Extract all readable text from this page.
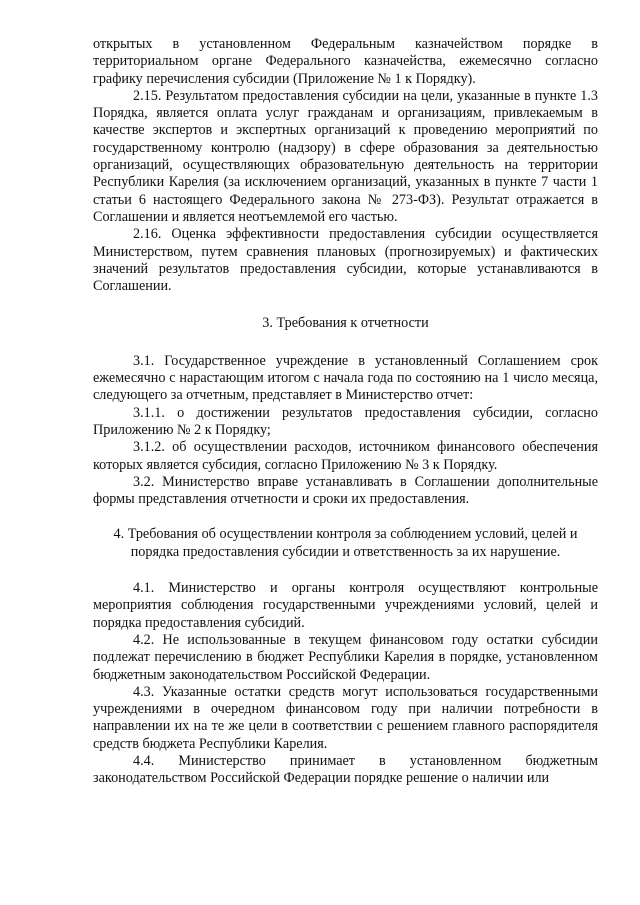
открытых в установленном Федеральным казначейством порядке в территориальном органе Федерального казначейства, ежемесячно согласно графику перечисления субсидии (Приложение № 1 к Порядку).

2.15. Результатом предоставления субсидии на цели, указанные в пункте 1.3 Порядка, является оплата услуг гражданам и организациям, привлекаемым в качестве экспертов и экспертных организаций к проведению мероприятий по государственному контролю (надзору) в сфере образования за деятельностью организаций, осуществляющих образовательную деятельность на территории Республики Карелия (за исключением организаций, указанных в пункте 7 части 1 статьи 6 настоящего Федерального закона № 273-ФЗ). Результат отражается в Соглашении и является неотъемлемой его частью.

2.16. Оценка эффективности предоставления субсидии осуществляется Министерством, путем сравнения плановых (прогнозируемых) и фактических значений результатов предоставления субсидии, которые устанавливаются в Соглашении.

3. Требования к отчетности

3.1. Государственное учреждение в установленный Соглашением срок ежемесячно с нарастающим итогом с начала года по состоянию на 1 число месяца, следующего за отчетным, представляет в Министерство отчет:

3.1.1. о достижении результатов предоставления субсидии, согласно Приложению № 2 к Порядку;

3.1.2. об осуществлении расходов, источником финансового обеспечения которых является субсидия, согласно Приложению № 3 к Порядку.

3.2. Министерство вправе устанавливать в Соглашении дополнительные формы представления отчетности и сроки их предоставления.

4. Требования об осуществлении контроля за соблюдением условий, целей и порядка предоставления субсидии и ответственность за их нарушение.

4.1. Министерство и органы контроля осуществляют контрольные мероприятия соблюдения государственными учреждениями условий, целей и порядка предоставления субсидий.

4.2. Не использованные в текущем финансовом году остатки субсидии подлежат перечислению в бюджет Республики Карелия в порядке, установленном бюджетным законодательством Российской Федерации.

4.3. Указанные остатки средств могут использоваться государственными учреждениями в очередном финансовом году при наличии потребности в направлении их на те же цели в соответствии с решением главного распорядителя средств бюджета Республики Карелия.

4.4. Министерство принимает в установленном бюджетным законодательством Российской Федерации порядке решение о наличии или
